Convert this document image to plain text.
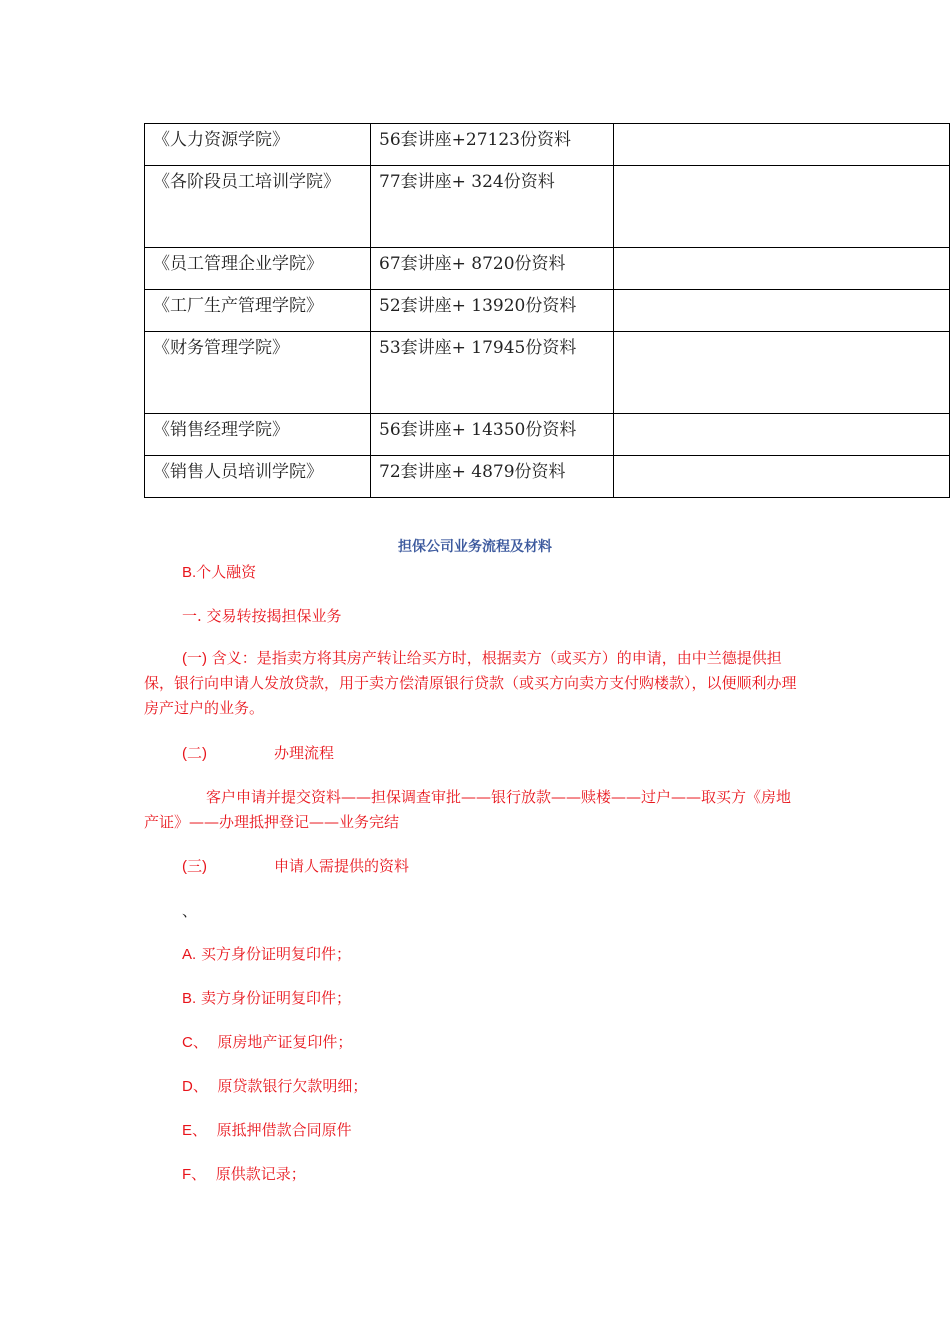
《人力资源学院》	56套讲座+27123份资料	

《各阶段员工培训学院》	77套讲座+ 324份资料	

《员工管理企业学院》	67套讲座+ 8720份资料	

《工厂生产管理学院》	52套讲座+ 13920份资料	

《财务管理学院》	53套讲座+ 17945份资料	

《销售经理学院》	56套讲座+ 14350份资料	

《销售人员培训学院》	72套讲座+ 4879份资料	

担保公司业务流程及材料
B.个人融资
一. 交易转按揭担保业务
(一) 含义：是指卖方将其房产转让给买方时，根据卖方（或买方）的申请，由中兰德提供担保，银行向申请人发放贷款，用于卖方偿清原银行贷款（或买方向卖方支付购楼款），以便顺利办理房产过户的业务。
(二)	办理流程
客户申请并提交资料——担保调查审批——银行放款——赎楼——过户——取买方《房地产证》——办理抵押登记——业务完结
(三)	申请人需提供的资料
、
A. 买方身份证明复印件；
B. 卖方身份证明复印件；
C、 原房地产证复印件；
D、 原贷款银行欠款明细；
E、 原抵押借款合同原件
F、 原供款记录；
